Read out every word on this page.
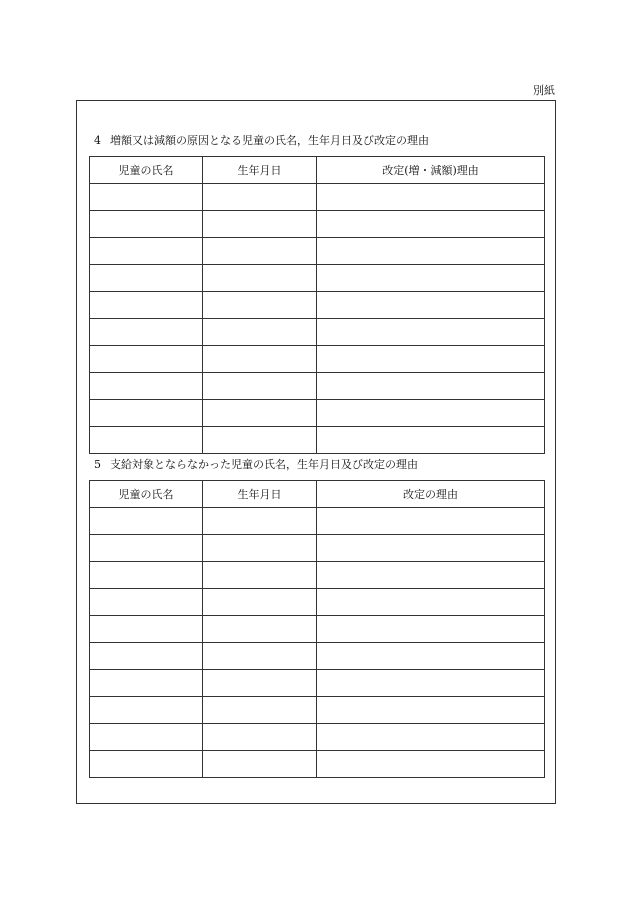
別紙
4 増額又は減額の原因となる児童の氏名，生年月日及び改定の理由
児童の氏名	生年月日	改定(増・減額)理由

5 支給対象とならなかった児童の氏名，生年月日及び改定の理由
児童の氏名	生年月日	改定の理由
